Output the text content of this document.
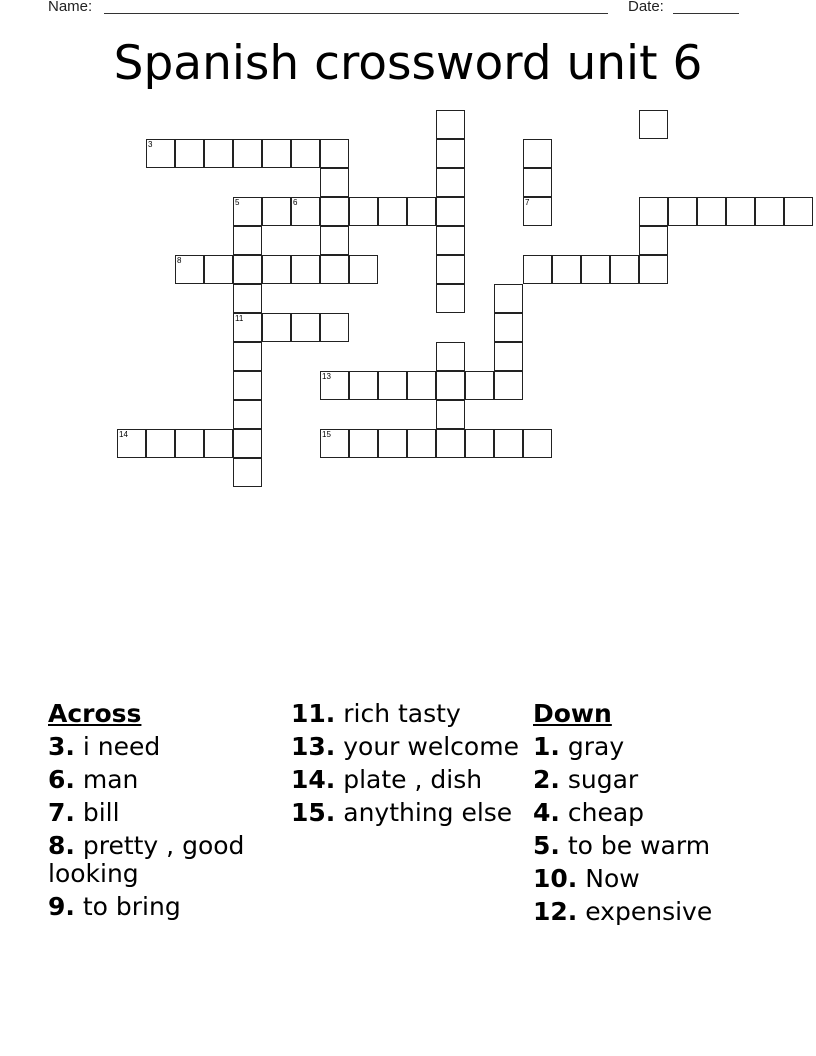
Name:	Date:
Spanish crossword unit 6
3
5	6	7
8
11
13
14	15
Across
3. i need
6. man
7. bill
8. pretty , good looking
9. to bring
11. rich tasty
13. your welcome
14. plate , dish
15. anything else
Down
1. gray
2. sugar
4. cheap
5. to be warm
10. Now
12. expensive
